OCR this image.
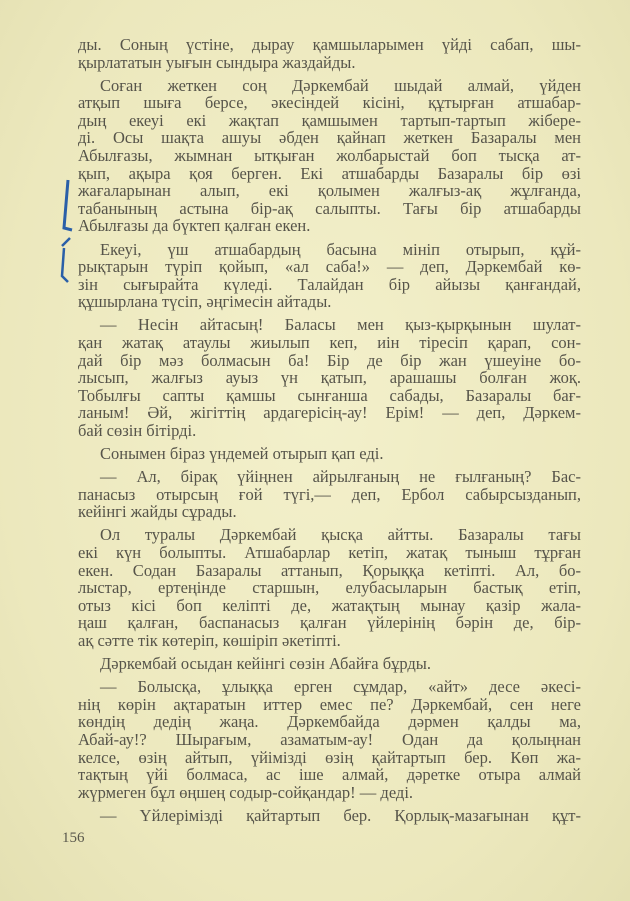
ды. Соның үстіне, дырау қамшыларымен үйді сабап, шы-
қырлататын уығын сындыра жаздайды.
Соған жеткен соң Дәркембай шыдай алмай, үйден
атқып шыға берсе, әкесіндей кісіні, құтырған атшабар-
дың екеуі екі жақтап қамшымен тартып-тартып жібере-
ді. Осы шақта ашуы әбден қайнап жеткен Базаралы мен
Абылғазы, жымнан ытқыған жолбарыстай боп тысқа ат-
қып, ақыра қоя берген. Екі атшабарды Базаралы бір өзі
жағаларынан алып, екі қолымен жалғыз-ақ жұлғанда,
табанының астына бір-ақ салыпты. Тағы бір атшабарды
Абылғазы да бүктеп қалған екен.
Екеуі, үш атшабардың басына мініп отырып, құй-
рықтарын түріп қойып, «ал саба!» — деп, Дәркембай кө-
зін сығырайта күледі. Талайдан бір айызы қанғандай,
құшырлана түсіп, әңгімесін айтады.
— Несін айтасың! Баласы мен қыз-қырқынын шулат-
қан жатақ атаулы жиылып кеп, иін тіресіп қарап, сон-
дай бір мәз болмасын ба! Бір де бір жан үшеуіне бо-
лысып, жалғыз ауыз үн қатып, арашашы болған жоқ.
Тобылғы сапты қамшы сынғанша сабады, Базаралы бағ-
ланым! Әй, жігіттің ардагерісің-ау! Ерім! — деп, Дәркем-
бай сөзін бітірді.
Сонымен біраз үндемей отырып қап еді.
— Ал, бірақ үйіңнен айрылғаның не ғылғаның? Бас-
панасыз отырсың ғой түгі,— деп, Ербол сабырсызданып,
кейінгі жайды сұрады.
Ол туралы Дәркембай қысқа айтты. Базаралы тағы
екі күн болыпты. Атшабарлар кетіп, жатақ тыныш тұрған
екен. Содан Базаралы аттанып, Қорыққа кетіпті. Ал, бо-
лыстар, ертеңінде старшын, елубасыларын бастық етіп,
отыз кісі боп келіпті де, жатақтың мынау қазір жала-
ңаш қалған, баспанасыз қалған үйлерінің бәрін де, бір-
ақ сәтте тік көтеріп, көшіріп әкетіпті.
Дәркембай осыдан кейінгі сөзін Абайға бұрды.
— Болысқа, ұлыққа ерген сұмдар, «айт» десе әкесі-
нің көрін ақтаратын иттер емес пе? Дәркембай, сен неге
көндің дедің жаңа. Дәркембайда дәрмен қалды ма,
Абай-ау!? Шырағым, азаматым-ау! Одан да қолыңнан
келсе, өзің айтып, үйімізді өзің қайтартып бер. Көп жа-
тақтың үйі болмаса, ас іше алмай, дәретке отыра алмай
жүрмеген бұл өңшең содыр-сойқандар! — деді.
— Үйлерімізді қайтартып бер. Қорлық-мазағынан құт-
156
